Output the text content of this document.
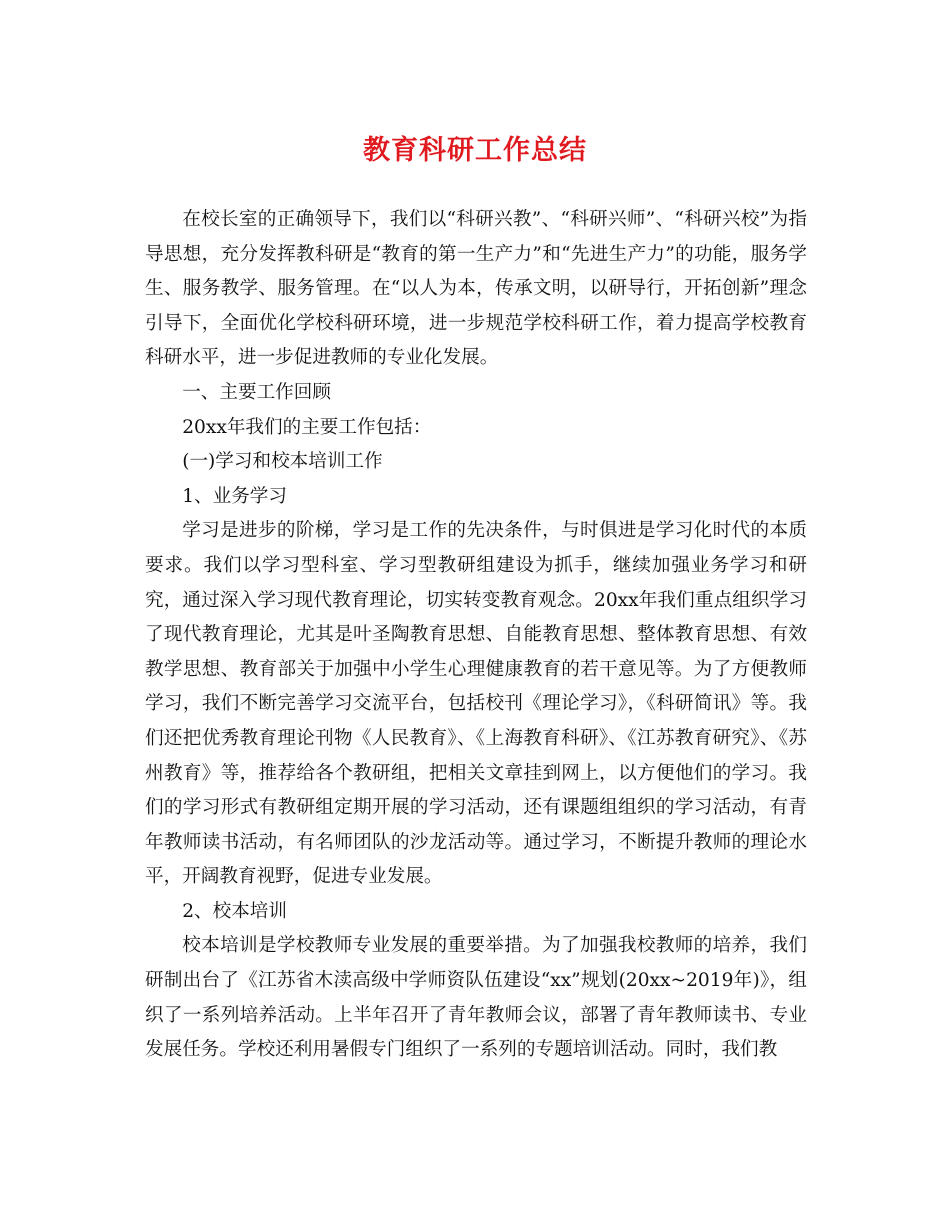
教育科研工作总结

在校长室的正确领导下，我们以“科研兴教”、“科研兴师”、“科研兴校”为指导思想，充分发挥教科研是“教育的第一生产力”和“先进生产力”的功能，服务学生、服务教学、服务管理。在“以人为本，传承文明，以研导行，开拓创新”理念引导下，全面优化学校科研环境，进一步规范学校科研工作，着力提高学校教育科研水平，进一步促进教师的专业化发展。

一、主要工作回顾

20xx年我们的主要工作包括：

(一)学习和校本培训工作

1、业务学习

学习是进步的阶梯，学习是工作的先决条件，与时俱进是学习化时代的本质要求。我们以学习型科室、学习型教研组建设为抓手，继续加强业务学习和研究，通过深入学习现代教育理论，切实转变教育观念。20xx年我们重点组织学习了现代教育理论，尤其是叶圣陶教育思想、自能教育思想、整体教育思想、有效教学思想、教育部关于加强中小学生心理健康教育的若干意见等。为了方便教师学习，我们不断完善学习交流平台，包括校刊《理论学习》，《科研简讯》等。我们还把优秀教育理论刊物《人民教育》、《上海教育科研》、《江苏教育研究》、《苏州教育》等，推荐给各个教研组，把相关文章挂到网上，以方便他们的学习。我们的学习形式有教研组定期开展的学习活动，还有课题组组织的学习活动，有青年教师读书活动，有名师团队的沙龙活动等。通过学习，不断提升教师的理论水平，开阔教育视野，促进专业发展。

2、校本培训

校本培训是学校教师专业发展的重要举措。为了加强我校教师的培养，我们研制出台了《江苏省木渎高级中学师资队伍建设“xx”规划(20xx~2019年)》，组织了一系列培养活动。上半年召开了青年教师会议，部署了青年教师读书、专业发展任务。学校还利用暑假专门组织了一系列的专题培训活动。同时，我们教
